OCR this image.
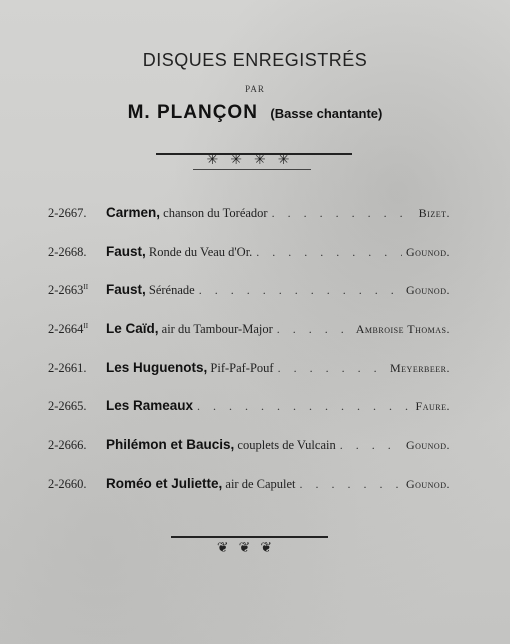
DISQUES ENREGISTRÉS
PAR
M. PLANÇON (Basse chantante)
✳✳✳✳
2-2667.	Carmen, chanson du Toréador . . .	Bizet.
2-2668.	Faust, Ronde du Veau d'Or. . . .	Gounod.
$2-2663^{II}$	Faust, Sérénade . . .	Gounod.
$2-2664^{II}$	Le Caïd, air du Tambour-Major . . .	Ambroise Thomas.
2-2661.	Les Huguenots, Pif-Paf-Pouf . . .	Meyerbeer.
2-2665.	Les Rameaux . . .	Faure.
2-2666.	Philémon et Baucis, couplets de Vulcain . . .	Gounod.
2-2660.	Roméo et Juliette, air de Capulet . . .	Gounod.
❦❦❦
